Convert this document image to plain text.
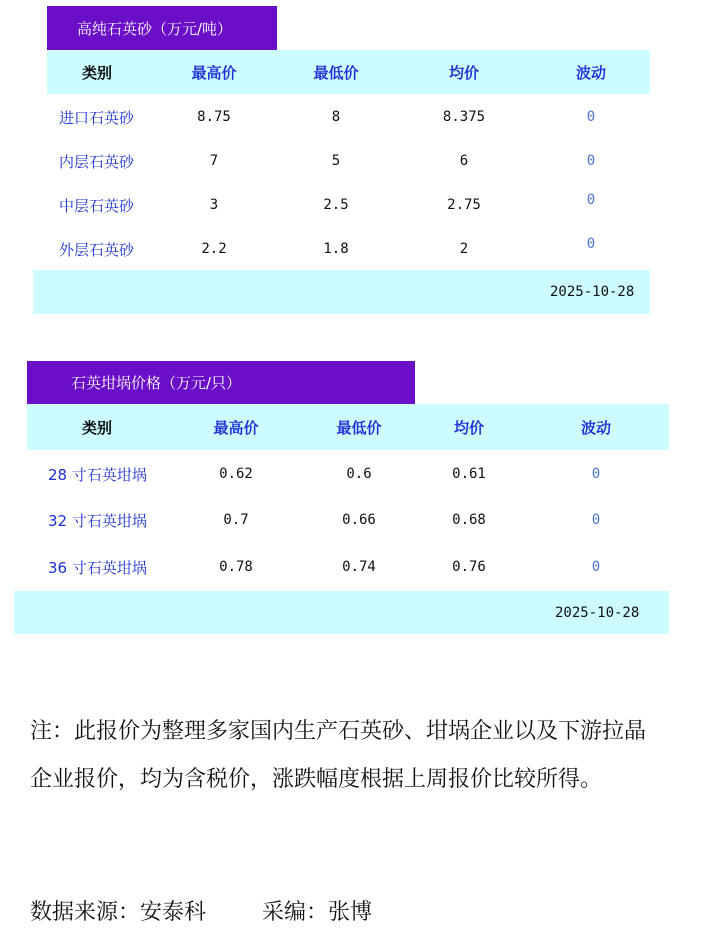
高纯石英砂（万元/吨）
类别	最高价	最低价	均价	波动
进口石英砂	8.75	8	8.375	0
内层石英砂	7	5	6	0
中层石英砂	3	2.5	2.75	0
外层石英砂	2.2	1.8	2	0
2025-10-28
石英坩埚价格（万元/只）
类别	最高价	最低价	均价	波动
28 寸石英坩埚	0.62	0.6	0.61	0
32 寸石英坩埚	0.7	0.66	0.68	0
36 寸石英坩埚	0.78	0.74	0.76	0
2025-10-28
注：此报价为整理多家国内生产石英砂、坩埚企业以及下游拉晶企业报价，均为含税价，涨跌幅度根据上周报价比较所得。
数据来源：安泰科	采编：张博
